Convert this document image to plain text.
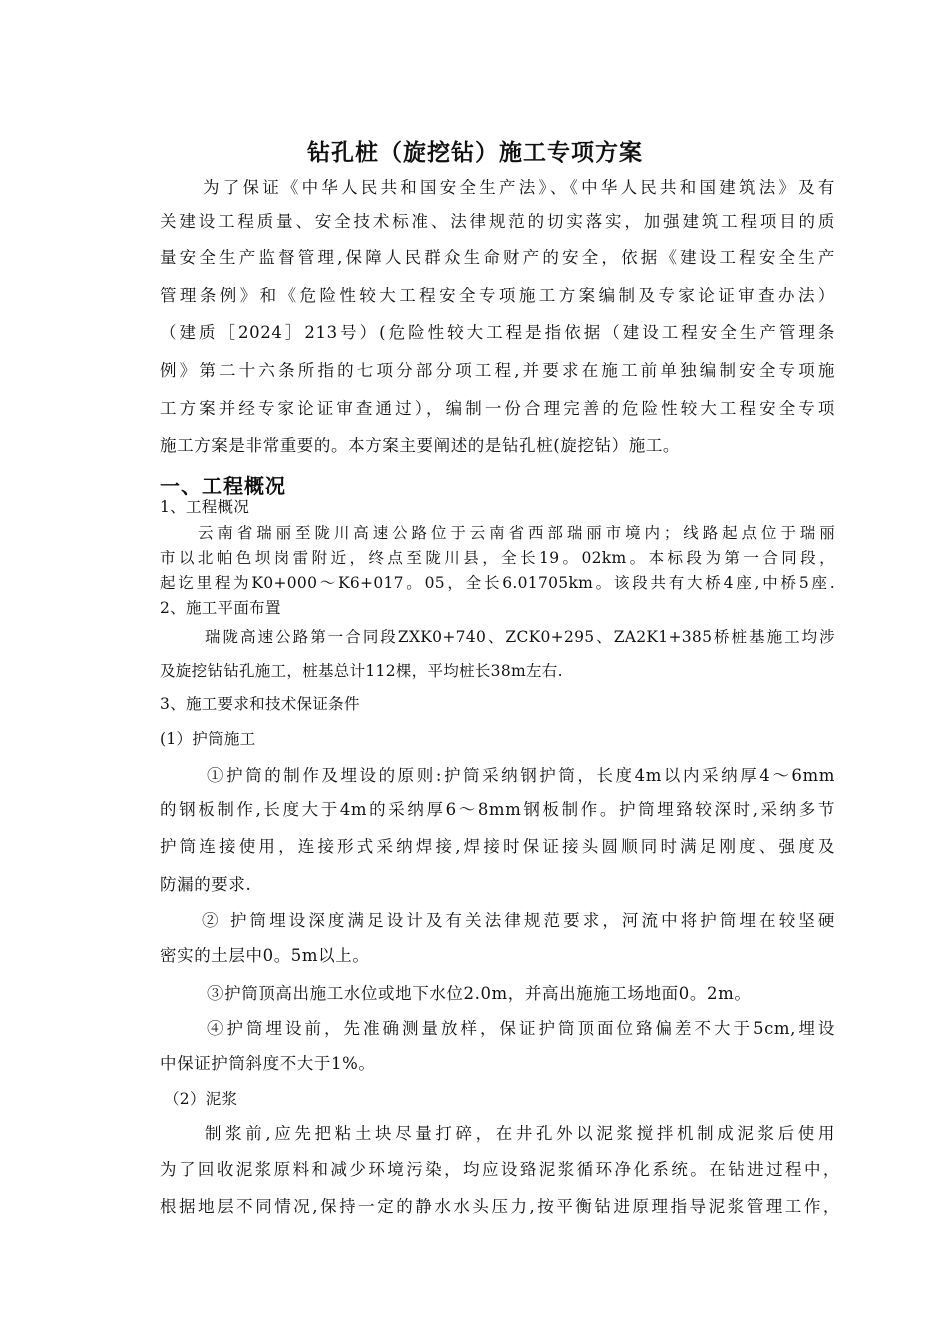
钻孔桩（旋挖钻）施工专项方案
为了保证《中华人民共和国安全生产法》、《中华人民共和国建筑法》及有
关建设工程质量、安全技术标准、法律规范的切实落实，加强建筑工程项目的质
量安全生产监督管理,保障人民群众生命财产的安全，依据《建设工程安全生产
管理条例》和《危险性较大工程安全专项施工方案编制及专家论证审查办法）
（建质［2024］213号）(危险性较大工程是指依据（建设工程安全生产管理条
例》第二十六条所指的七项分部分项工程,并要求在施工前单独编制安全专项施
工方案并经专家论证审查通过），编制一份合理完善的危险性较大工程安全专项
施工方案是非常重要的。本方案主要阐述的是钻孔桩(旋挖钻）施工。
一、工程概况
1、工程概况
云南省瑞丽至陇川高速公路位于云南省西部瑞丽市境内；线路起点位于瑞丽
市以北帕色坝岗雷附近，终点至陇川县，全长19。02km。本标段为第一合同段，
起讫里程为K0+000～K6+017。05，全长6.01705km。该段共有大桥4座,中桥5座.
2、施工平面布置
瑞陇高速公路第一合同段ZXK0+740、ZCK0+295、ZA2K1+385桥桩基施工均涉
及旋挖钻钻孔施工，桩基总计112棵，平均桩长38m左右.
3、施工要求和技术保证条件
(1）护筒施工
①护筒的制作及埋设的原则:护筒采纳钢护筒，长度4m以内采纳厚4～6mm
的钢板制作,长度大于4m的采纳厚6～8mm钢板制作。护筒埋臵较深时,采纳多节
护筒连接使用，连接形式采纳焊接,焊接时保证接头圆顺同时满足刚度、强度及
防漏的要求.
② 护筒埋设深度满足设计及有关法律规范要求，河流中将护筒埋在较坚硬
密实的土层中0。5m以上。
③护筒顶高出施工水位或地下水位2.0m，并高出施施工场地面0。2m。
④护筒埋设前，先准确测量放样，保证护筒顶面位臵偏差不大于5cm,埋设
中保证护筒斜度不大于1%。
（2）泥浆
制浆前,应先把粘土块尽量打碎，在井孔外以泥浆搅拌机制成泥浆后使用
为了回收泥浆原料和减少环境污染，均应设臵泥浆循环净化系统。在钻进过程中，
根据地层不同情况,保持一定的静水水头压力,按平衡钻进原理指导泥浆管理工作，
